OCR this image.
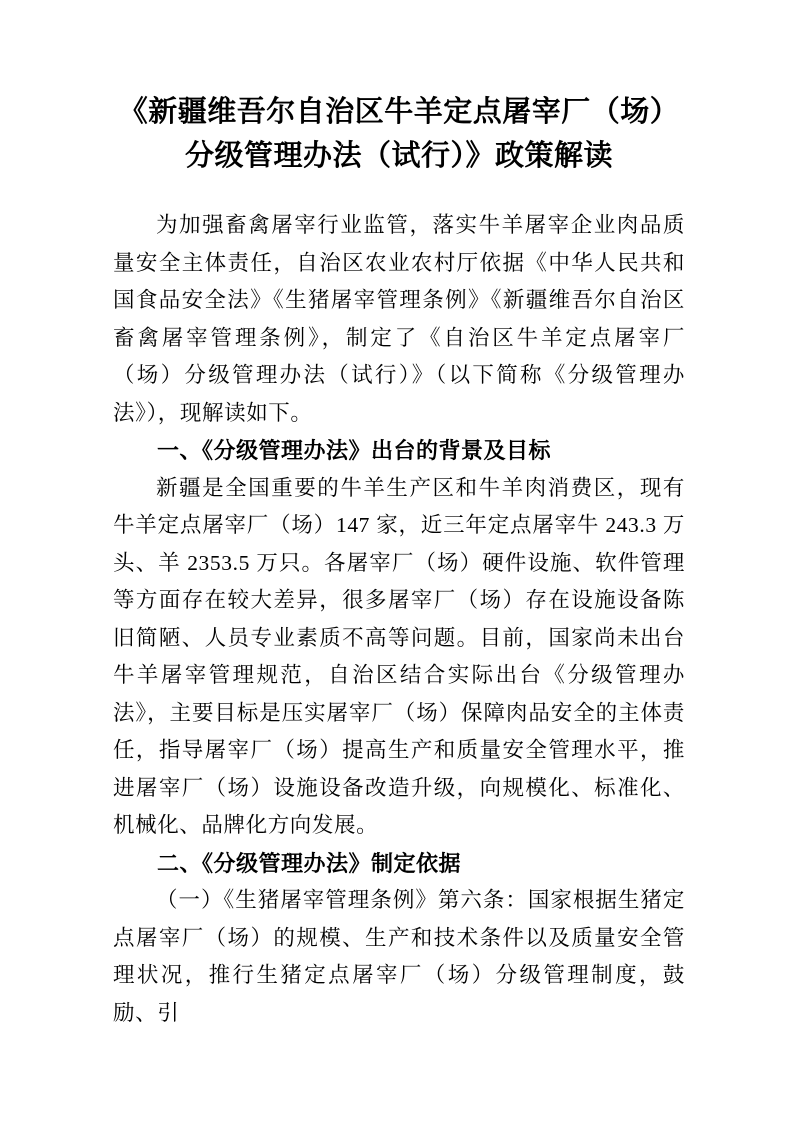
《新疆维吾尔自治区牛羊定点屠宰厂（场）
分级管理办法（试行）》政策解读

为加强畜禽屠宰行业监管，落实牛羊屠宰企业肉品质量安全主体责任，自治区农业农村厅依据《中华人民共和国食品安全法》《生猪屠宰管理条例》《新疆维吾尔自治区畜禽屠宰管理条例》，制定了《自治区牛羊定点屠宰厂（场）分级管理办法（试行）》（以下简称《分级管理办法》），现解读如下。

一、《分级管理办法》出台的背景及目标

新疆是全国重要的牛羊生产区和牛羊肉消费区，现有牛羊定点屠宰厂（场）147 家，近三年定点屠宰牛 243.3 万头、羊 2353.5 万只。各屠宰厂（场）硬件设施、软件管理等方面存在较大差异，很多屠宰厂（场）存在设施设备陈旧简陋、人员专业素质不高等问题。目前，国家尚未出台牛羊屠宰管理规范，自治区结合实际出台《分级管理办法》，主要目标是压实屠宰厂（场）保障肉品安全的主体责任，指导屠宰厂（场）提高生产和质量安全管理水平，推进屠宰厂（场）设施设备改造升级，向规模化、标准化、机械化、品牌化方向发展。

二、《分级管理办法》制定依据

（一）《生猪屠宰管理条例》第六条：国家根据生猪定点屠宰厂（场）的规模、生产和技术条件以及质量安全管理状况，推行生猪定点屠宰厂（场）分级管理制度，鼓励、引
